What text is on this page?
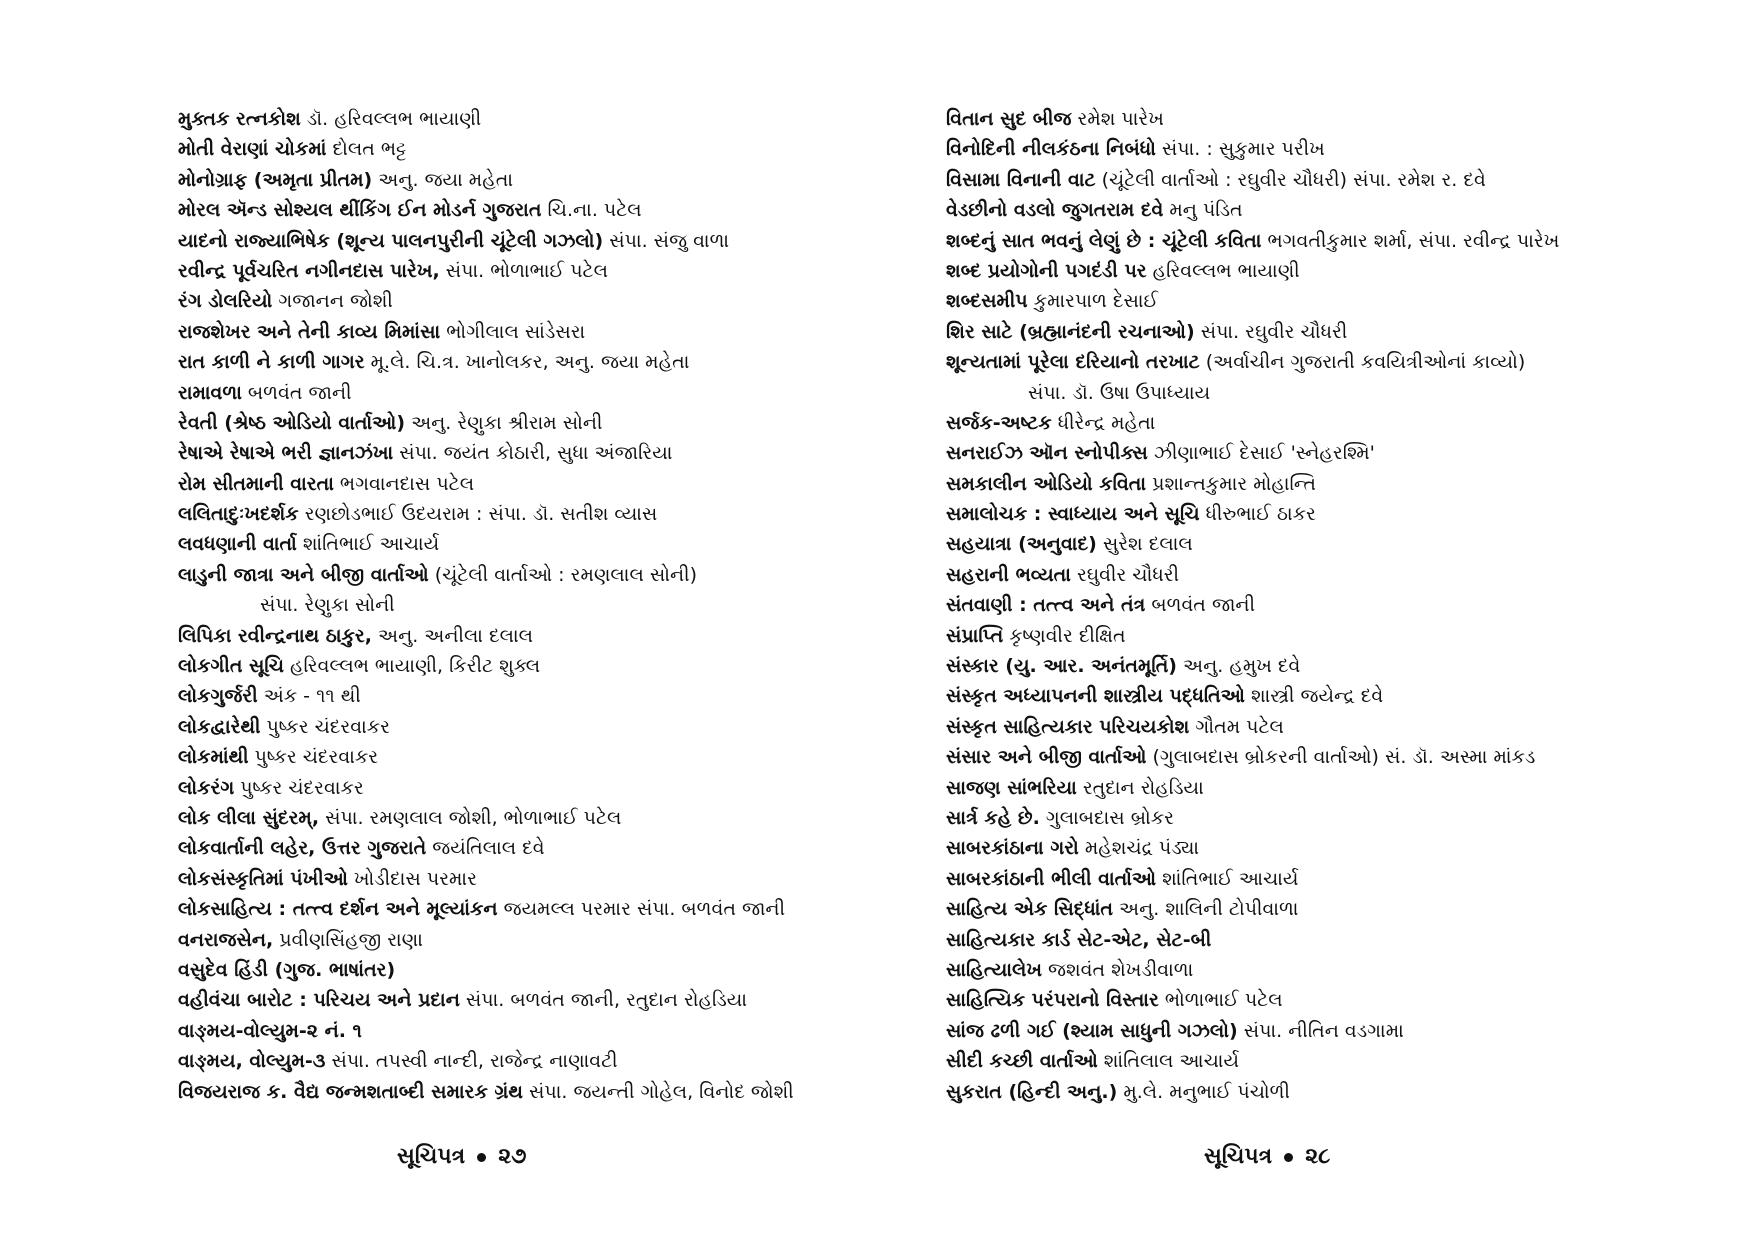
મુક્તક રત્નકોશ ડૉ. હરિવલ્લભ ભાયાણી
મોતી વેરાણાં ચોકમાં દોલત ભટ્ટ
મોનોગ્રાફ (અમૃતા પ્રીતમ) અનુ. જયા મહેતા
મોરલ ઍન્ડ સોશ્યલ થીંકિંગ ઈન મોડર્ન ગુજરાત ચિ.ના. પટેલ
યાદનો રાજ્યાભિષેક (શૂન્ય પાલનપુરીની ચૂંટેલી ગઝલો) સંપા. સંજુ વાળા
રવીન્દ્ર પૂર્વચરિત નગીનદાસ પારેખ, સંપા. ભોળાભાઈ પટેલ
રંગ ડોલરિયો ગજાનન જોશી
રાજશેખર અને તેની કાવ્ય મિમાંસા ભોગીલાલ સાંડેસરા
રાત કાળી ને કાળી ગાગર મૂ.લે. ચિ.ત્ર. ખાનોલકર, અનુ. જયા મહેતા
રામાવળા બળવંત જાની
રેવતી (શ્રેષ્ઠ ઓડિયો વાર્તાઓ) અનુ. રેણુકા શ્રીરામ સોની
રેષાએ રેષાએ ભરી જ્ઞાનઝંખા સંપા. જયંત કોઠારી, સુધા અંજારિયા
રોમ સીતમાની વારતા ભગવાનદાસ પટેલ
લલિતાદુઃખદર્શક રણછોડભાઈ ઉદયરામ : સંપા. ડૉ. સતીશ વ્યાસ
લવધણાની વાર્તા શાંતિભાઈ આચાર્ય
લાડુની જાત્રા અને બીજી વાર્તાઓ (ચૂંટેલી વાર્તાઓ : રમણલાલ સોની)
સંપા. રેણુકા સોની
લિપિકા રવીન્દ્રનાથ ઠાકુર, અનુ. અનીલા દલાલ
લોકગીત સૂચિ હરિવલ્લભ ભાયાણી, કિરીટ શુક્લ
લોકગુર્જરી અંક - ૧૧ થી
લોકદ્વારેથી પુષ્કર ચંદરવાકર
લોકમાંથી પુષ્કર ચંદરવાકર
લોકરંગ પુષ્કર ચંદરવાકર
લોક લીલા સુંદરમ્, સંપા. રમણલાલ જોશી, ભોળાભાઈ પટેલ
લોકવાર્તાની લહેર, ઉત્તર ગુજરાતે જયંતિલાલ દવે
લોકસંસ્કૃતિમાં પંખીઓ ખોડીદાસ પરમાર
લોકસાહિત્ય : તત્ત્વ દર્શન અને મૂલ્યાંકન જયમલ્લ પરમાર સંપા. બળવંત જાની
વનરાજસેન, પ્રવીણસિંહજી રાણા
વસુદેવ હિંડી (ગુજ. ભાષાંતર)
વહીવંચા બારોટ : પરિચય અને પ્રદાન સંપા. બળવંત જાની, રતુદાન રોહડિયા
વાઙ્મય-વોલ્યુમ-૨ નં. ૧
વાઙ્મય, વોલ્યુમ-૩ સંપા. તપસ્વી નાન્દી, રાજેન્દ્ર નાણાવટી
વિજયરાજ ક. વૈદ્ય જન્મશતાબ્દી સમારક ગ્રંથ સંપા. જયન્તી ગોહેલ, વિનોદ જોશી
સૂચિપત્ર ૨૭
વિતાન સુદ બીજ રમેશ પારેખ
વિનોદિની નીલકંઠના નિબંધો સંપા. : સુકુમાર પરીખ
વિસામા વિનાની વાટ (ચૂંટેલી વાર્તાઓ : રઘુવીર ચૌધરી) સંપા. રમેશ ર. દવે
વેડછીનો વડલો જુગતરામ દવે મનુ પંડિત
શબ્દનું સાત ભવનું લેણું છે : ચૂંટેલી કવિતા ભગવતીકુમાર શર્મા, સંપા. રવીન્દ્ર પારેખ
શબ્દ પ્રયોગોની પગદંડી પર હરિવલ્લભ ભાયાણી
શબ્દસમીપ કુમારપાળ દેસાઈ
શિર સાટે (બ્રહ્માનંદની રચનાઓ) સંપા. રઘુવીર ચૌધરી
શૂન્યતામાં પૂરેલા દરિયાનો તરખાટ (અર્વાચીન ગુજરાતી કવયિત્રીઓનાં કાવ્યો)
સંપા. ડૉ. ઉષા ઉપાધ્યાય
સર્જક-અષ્ટક ધીરેન્દ્ર મહેતા
સનરાઈઝ ઑન સ્નોપીક્સ ઝીણાભાઈ દેસાઈ 'સ્નેહરશ્મિ'
સમકાલીન ઓડિયો કવિતા પ્રશાન્તકુમાર મોહાન્તિ
સમાલોચક : સ્વાધ્યાય અને સૂચિ ધીરુભાઈ ઠાકર
સહયાત્રા (અનુવાદ) સુરેશ દલાલ
સહરાની ભવ્યતા રઘુવીર ચૌધરી
સંતવાણી : તત્ત્વ અને તંત્ર બળવંત જાની
સંપ્રાપ્તિ કૃષ્ણવીર દીક્ષિત
સંસ્કાર (યુ. આર. અનંતમૂર્તિ) અનુ. હમુખ દવે
સંસ્કૃત અધ્યાપનની શાસ્ત્રીય પદ્ધતિઓ શાસ્ત્રી જયેન્દ્ર દવે
સંસ્કૃત સાહિત્યકાર પરિચયકોશ ગૌતમ પટેલ
સંસાર અને બીજી વાર્તાઓ (ગુલાબદાસ બ્રોકરની વાર્તાઓ) સં. ડૉ. અસ્મા માંકડ
સાજણ સાંભરિયા રતુદાન રોહડિયા
સાર્ત્ર કહે છે. ગુલાબદાસ બ્રોકર
સાબરકાંઠાના ગરો મહેશચંદ્ર પંડ્યા
સાબરકાંઠાની ભીલી વાર્તાઓ શાંતિભાઈ આચાર્ય
સાહિત્ય એક સિદ્ધાંત અનુ. શાલિની ટોપીવાળા
સાહિત્યકાર કાર્ડ સેટ-એટ, સેટ-બી
સાહિત્યાલેખ જશવંત શેખડીવાળા
સાહિત્યિક પરંપરાનો વિસ્તાર ભોળાભાઈ પટેલ
સાંજ ઢળી ગઈ (શ્યામ સાધુની ગઝલો) સંપા. નીતિન વડગામા
સીદી કચ્છી વાર્તાઓ શાંતિલાલ આચાર્ય
સુકરાત (હિન્દી અનુ.) મુ.લે. મનુભાઈ પંચોળી
સૂચિપત્ર ૨૮
